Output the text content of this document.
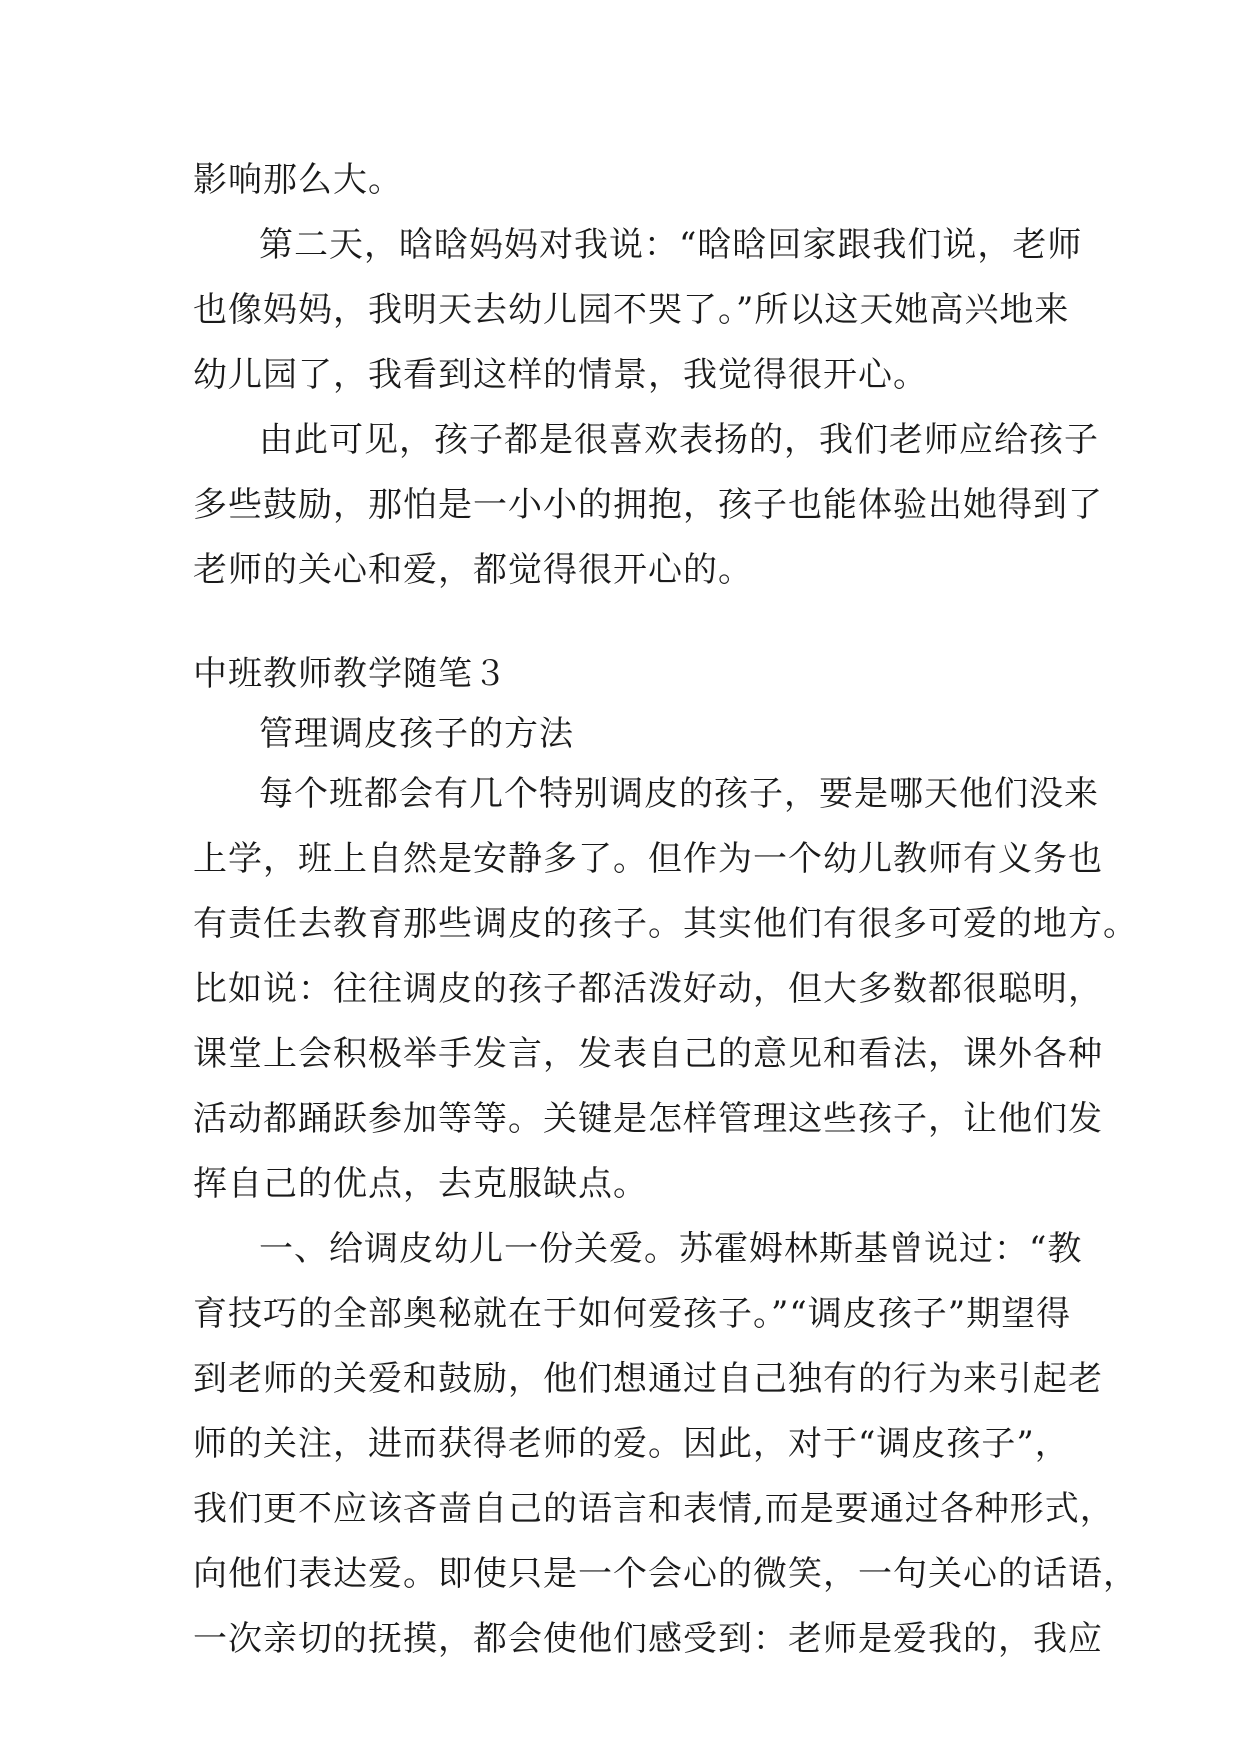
影响那么大。
第二天，晗晗妈妈对我说：“晗晗回家跟我们说，老师
也像妈妈，我明天去幼儿园不哭了。”所以这天她高兴地来
幼儿园了，我看到这样的情景，我觉得很开心。
由此可见，孩子都是很喜欢表扬的，我们老师应给孩子
多些鼓励，那怕是一小小的拥抱，孩子也能体验出她得到了
老师的关心和爱，都觉得很开心的。
中班教师教学随笔３
管理调皮孩子的方法
每个班都会有几个特别调皮的孩子，要是哪天他们没来
上学，班上自然是安静多了。但作为一个幼儿教师有义务也
有责任去教育那些调皮的孩子。其实他们有很多可爱的地方。
比如说：往往调皮的孩子都活泼好动，但大多数都很聪明，
课堂上会积极举手发言，发表自己的意见和看法，课外各种
活动都踊跃参加等等。关键是怎样管理这些孩子，让他们发
挥自己的优点，去克服缺点。
一、给调皮幼儿一份关爱。苏霍姆林斯基曾说过：“教
育技巧的全部奥秘就在于如何爱孩子。”“调皮孩子”期望得
到老师的关爱和鼓励，他们想通过自己独有的行为来引起老
师的关注，进而获得老师的爱。因此，对于“调皮孩子”，
我们更不应该吝啬自己的语言和表情,而是要通过各种形式，
向他们表达爱。即使只是一个会心的微笑，一句关心的话语，
一次亲切的抚摸，都会使他们感受到：老师是爱我的，我应
